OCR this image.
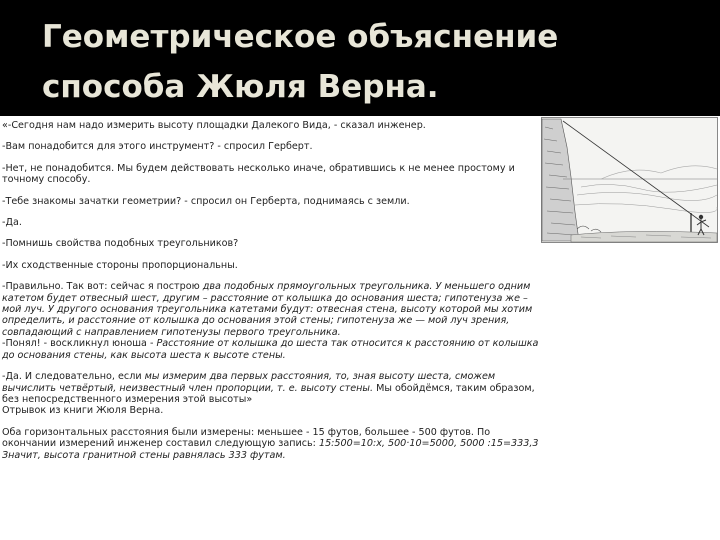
Геометрическое объяснение
способа Жюля Верна.

«-Сегодня нам надо измерить высоту площадки Далекого Вида, - сказал инженер.

-Вам понадобится для этого инструмент? - спросил Герберт.

-Нет, не понадобится. Мы будем действовать несколько иначе, обратившись к не менее простому и точному способу.

-Тебе знакомы зачатки геометрии? - спросил он Герберта, поднимаясь с земли.

-Да.

-Помнишь свойства подобных треугольников?

-Их сходственные стороны пропорциональны.

-Правильно. Так вот: сейчас я построю два подобных прямоугольных треугольника. У меньшего одним катетом будет отвесный шест, другим – расстояние от колышка до основания шеста; гипотенуза же – мой луч. У другого основания треугольника катетами будут: отвесная стена, высоту которой мы хотим определить, и расстояние от колышка до основания этой стены; гипотенуза же — мой луч зрения, совпадающий с направлением гипотенузы первого треугольника.

-Понял! - воскликнул юноша - Расстояние от колышка до шеста так относится к расстоянию от колышка до основания стены, как высота шеста к высоте стены.

-Да. И следовательно, если мы измерим два первых расстояния, то, зная высоту шеста, сможем вычислить четвёртый, неизвестный член пропорции, т. е. высоту стены. Мы обойдёмся, таким образом, без непосредственного измерения этой высоты»

Отрывок из книги Жюля Верна.

Оба горизонтальных расстояния были измерены: меньшее - 15 футов, большее - 500 футов. По окончании измерений инженер составил следующую запись: 15:500=10:х, 500·10=5000, 5000 :15=333,3 Значит, высота гранитной стены равнялась 333 футам.
